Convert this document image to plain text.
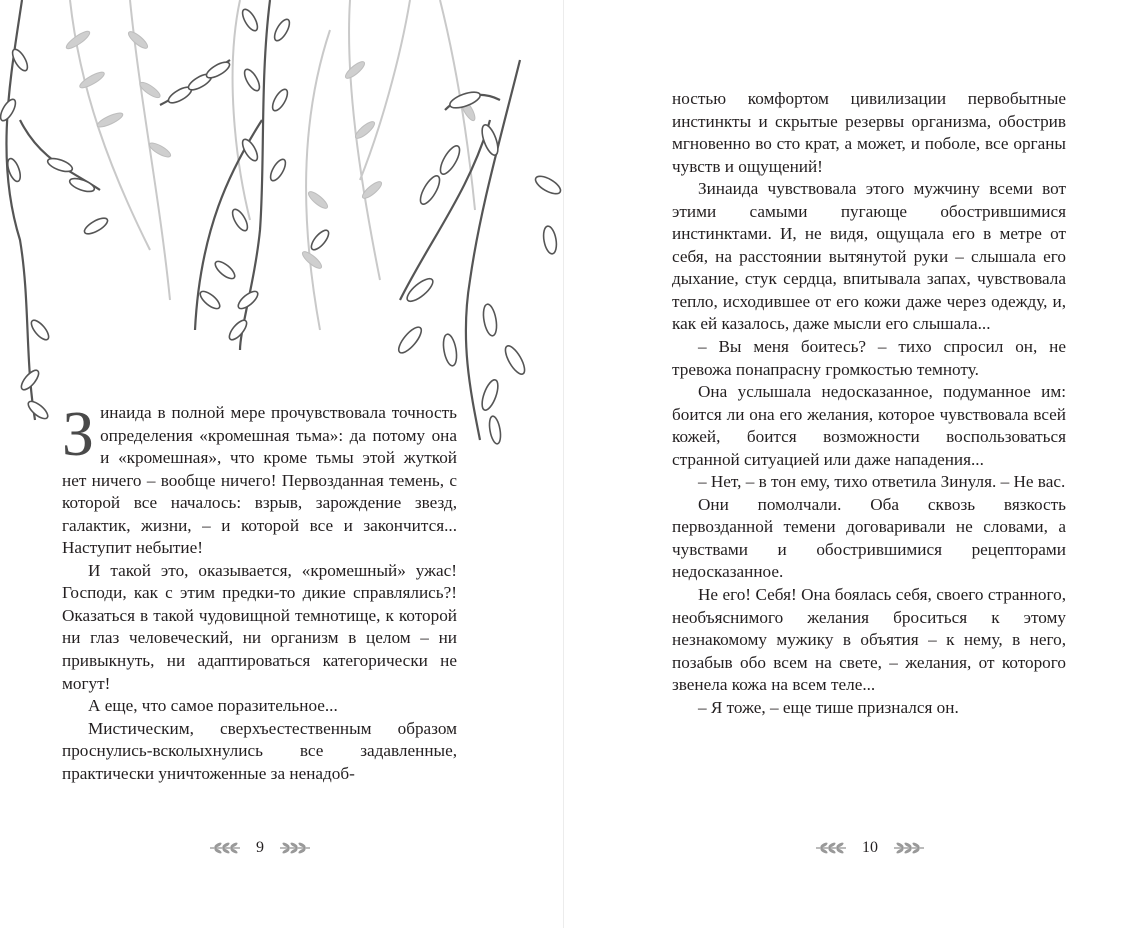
Зинаида в полной мере прочувствовала точность определения «кромешная тьма»: да потому она и «кромешная», что кроме тьмы этой жуткой нет ничего – вообще ничего! Первозданная темень, с которой все началось: взрыв, зарождение звезд, галактик, жизни, – и которой все и закончится... Наступит небытие!

И такой это, оказывается, «кромешный» ужас! Господи, как с этим предки-то дикие справлялись?! Оказаться в такой чудовищной темнотище, к которой ни глаз человеческий, ни организм в целом – ни привыкнуть, ни адаптироваться категорически не могут!

А еще, что самое поразительное...

Мистическим, сверхъестественным образом проснулись-всколыхнулись все задавленные, практически уничтоженные за ненадоб-

9

ностью комфортом цивилизации первобытные инстинкты и скрытые резервы организма, обострив мгновенно во сто крат, а может, и поболе, все органы чувств и ощущений!

Зинаида чувствовала этого мужчину всеми вот этими самыми пугающе обострившимися инстинктами. И, не видя, ощущала его в метре от себя, на расстоянии вытянутой руки – слышала его дыхание, стук сердца, впитывала запах, чувствовала тепло, исходившее от его кожи даже через одежду, и, как ей казалось, даже мысли его слышала...

– Вы меня боитесь? – тихо спросил он, не тревожа понапрасну громкостью темноту.

Она услышала недосказанное, подуманное им: боится ли она его желания, которое чувствовала всей кожей, боится возможности воспользоваться странной ситуацией или даже нападения...

– Нет, – в тон ему, тихо ответила Зинуля. – Не вас.

Они помолчали. Оба сквозь вязкость первозданной темени договаривали не словами, а чувствами и обострившимися рецепторами недосказанное.

Не его! Себя! Она боялась себя, своего странного, необъяснимого желания броситься к этому незнакомому мужику в объятия – к нему, в него, позабыв обо всем на свете, – желания, от которого звенела кожа на всем теле...

– Я тоже, – еще тише признался он.

10
